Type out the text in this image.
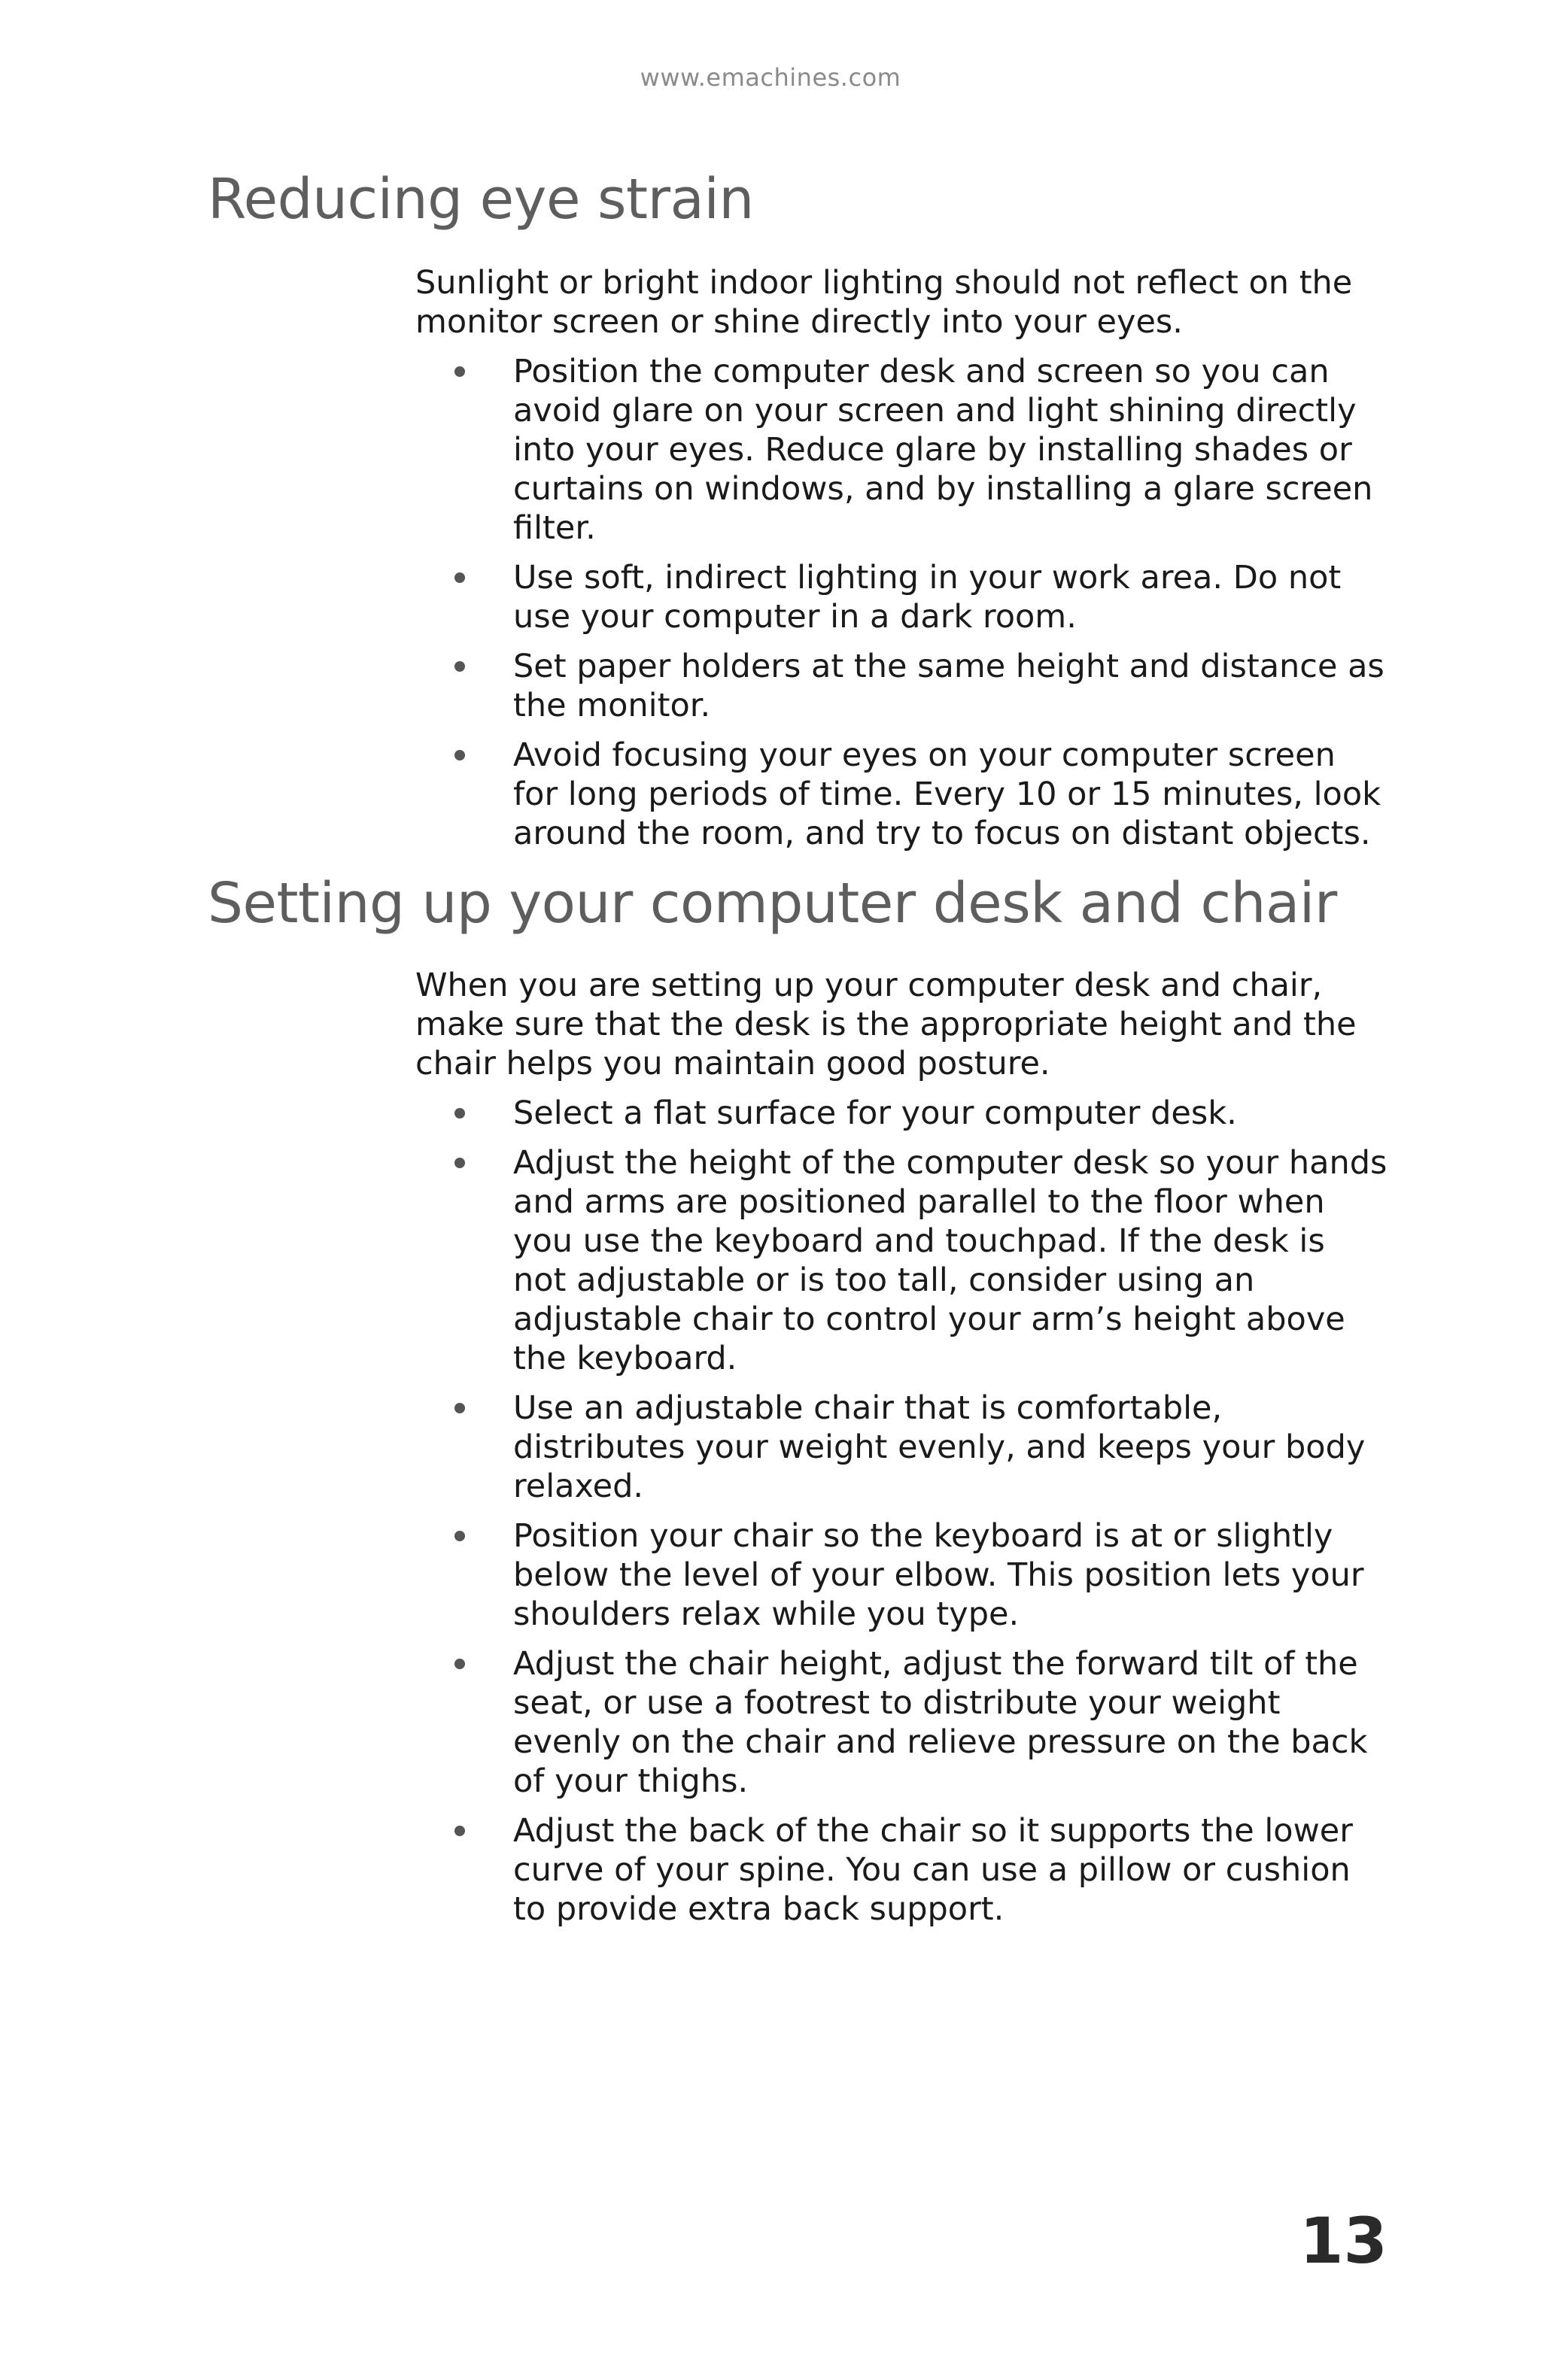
www.emachines.com
Reducing eye strain

Sunlight or bright indoor lighting should not reflect on the monitor screen or shine directly into your eyes.

Position the computer desk and screen so you can avoid glare on your screen and light shining directly into your eyes. Reduce glare by installing shades or curtains on windows, and by installing a glare screen filter.
Use soft, indirect lighting in your work area. Do not use your computer in a dark room.
Set paper holders at the same height and distance as the monitor.
Avoid focusing your eyes on your computer screen for long periods of time. Every 10 or 15 minutes, look around the room, and try to focus on distant objects.
Setting up your computer desk and chair

When you are setting up your computer desk and chair, make sure that the desk is the appropriate height and the chair helps you maintain good posture.

Select a flat surface for your computer desk.
Adjust the height of the computer desk so your hands and arms are positioned parallel to the floor when you use the keyboard and touchpad. If the desk is not adjustable or is too tall, consider using an adjustable chair to control your arm’s height above the keyboard.
Use an adjustable chair that is comfortable, distributes your weight evenly, and keeps your body relaxed.
Position your chair so the keyboard is at or slightly below the level of your elbow. This position lets your shoulders relax while you type.
Adjust the chair height, adjust the forward tilt of the seat, or use a footrest to distribute your weight evenly on the chair and relieve pressure on the back of your thighs.
Adjust the back of the chair so it supports the lower curve of your spine. You can use a pillow or cushion to provide extra back support.
13
